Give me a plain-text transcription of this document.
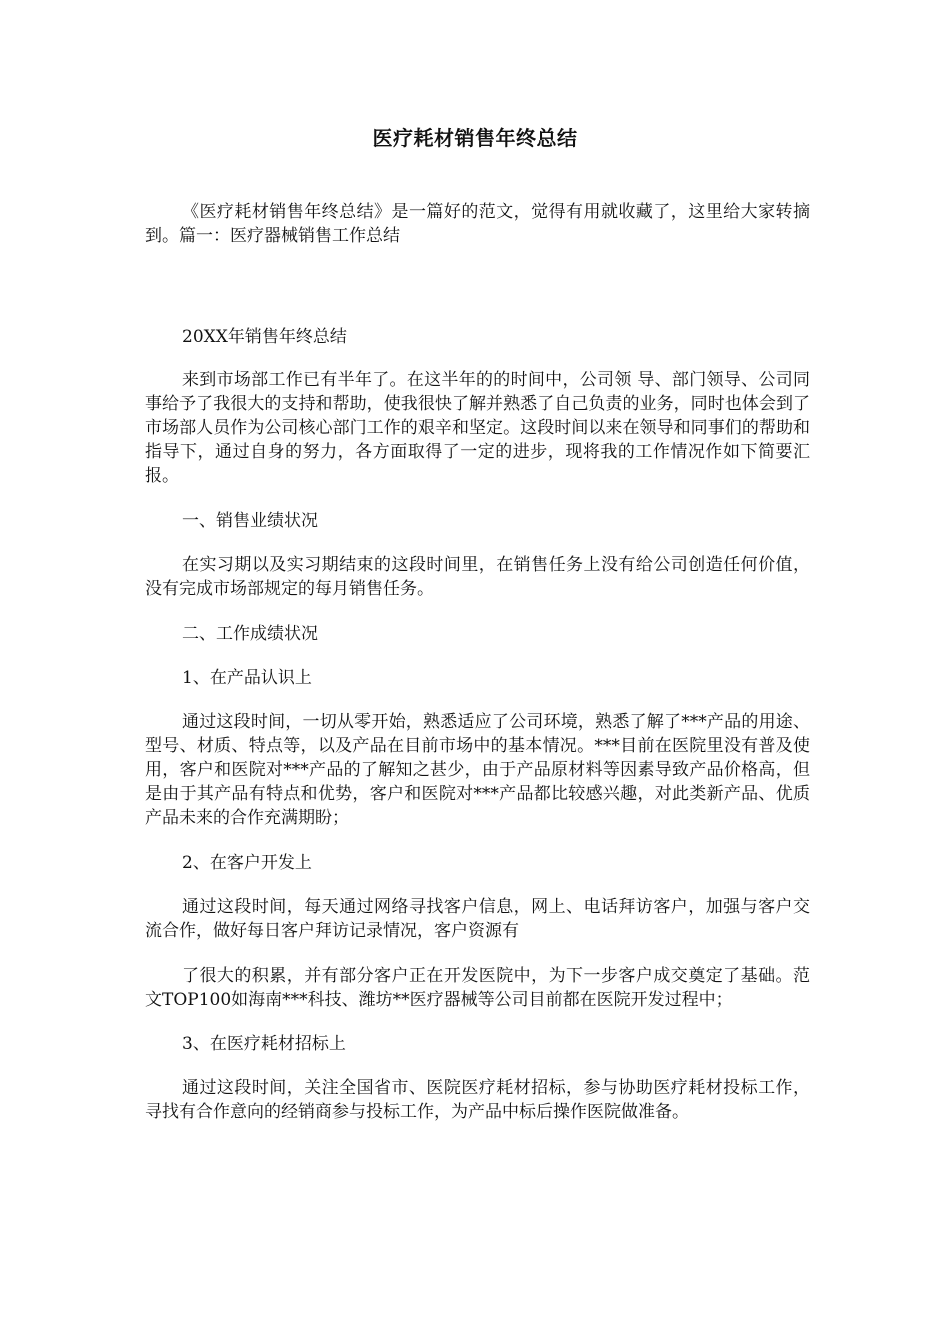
医疗耗材销售年终总结

《医疗耗材销售年终总结》是一篇好的范文，觉得有用就收藏了，这里给大家转摘到。篇一：医疗器械销售工作总结

20XX年销售年终总结

来到市场部工作已有半年了。在这半年的的时间中，公司领 导、部门领导、公司同事给予了我很大的支持和帮助，使我很快了解并熟悉了自己负责的业务，同时也体会到了市场部人员作为公司核心部门工作的艰辛和坚定。这段时间以来在领导和同事们的帮助和指导下，通过自身的努力，各方面取得了一定的进步，现将我的工作情况作如下简要汇报。

一、销售业绩状况

在实习期以及实习期结束的这段时间里，在销售任务上没有给公司创造任何价值，没有完成市场部规定的每月销售任务。

二、工作成绩状况

1、在产品认识上

通过这段时间，一切从零开始，熟悉适应了公司环境，熟悉了解了***产品的用途、型号、材质、特点等，以及产品在目前市场中的基本情况。***目前在医院里没有普及使用，客户和医院对***产品的了解知之甚少，由于产品原材料等因素导致产品价格高，但是由于其产品有特点和优势，客户和医院对***产品都比较感兴趣，对此类新产品、优质产品未来的合作充满期盼；

2、在客户开发上

通过这段时间，每天通过网络寻找客户信息，网上、电话拜访客户，加强与客户交流合作，做好每日客户拜访记录情况，客户资源有

了很大的积累，并有部分客户正在开发医院中，为下一步客户成交奠定了基础。范文TOP100如海南***科技、潍坊**医疗器械等公司目前都在医院开发过程中；

3、在医疗耗材招标上

通过这段时间，关注全国省市、医院医疗耗材招标，参与协助医疗耗材投标工作，寻找有合作意向的经销商参与投标工作，为产品中标后操作医院做准备。
